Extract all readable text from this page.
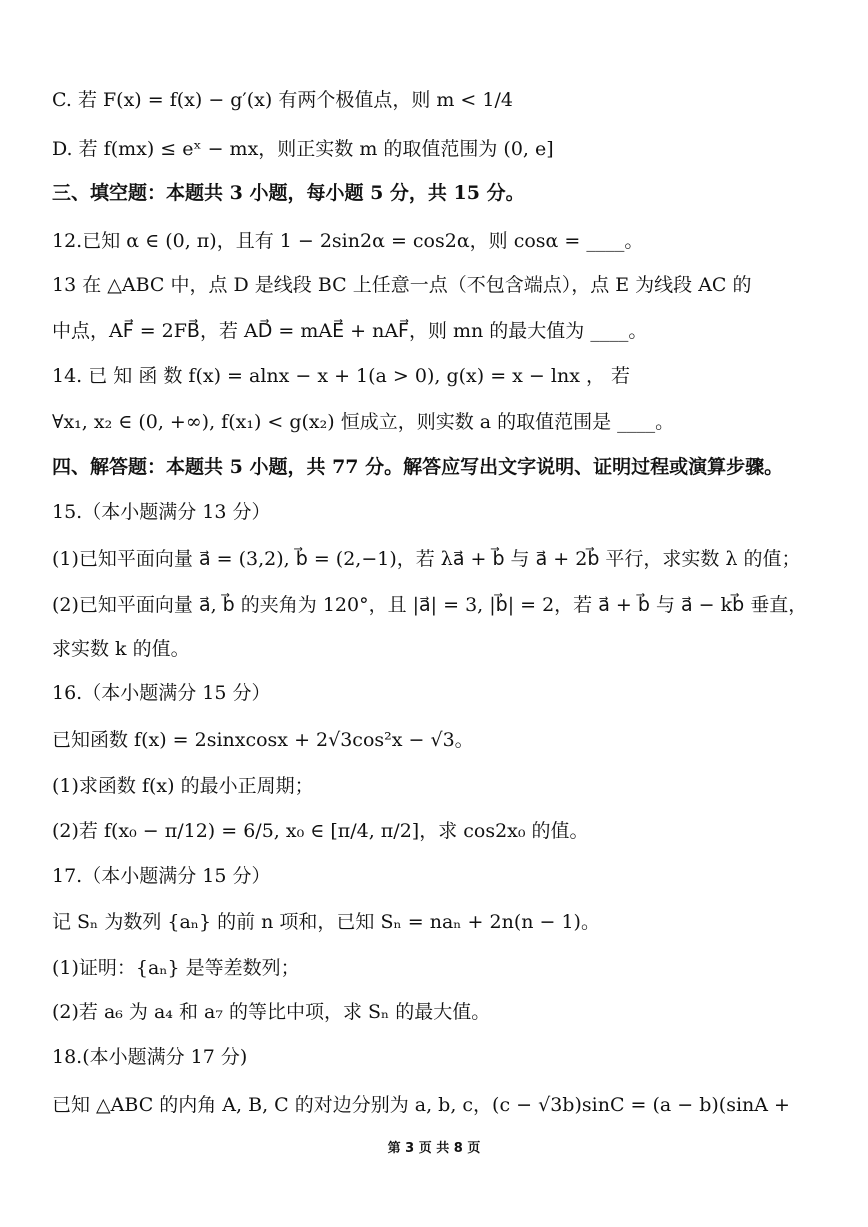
C. 若 F(x) = f(x) − g′(x) 有两个极值点，则 m < 1/4
D. 若 f(mx) ≤ eˣ − mx，则正实数 m 的取值范围为 (0, e]
三、填空题：本题共 3 小题，每小题 5 分，共 15 分。
12.已知 α ∈ (0, π)，且有 1 − 2sin2α = cos2α，则 cosα = ____。
13 在 △ABC 中，点 D 是线段 BC 上任意一点（不包含端点），点 E 为线段 AC 的
中点，AF⃗ = 2FB⃗，若 AD⃗ = mAE⃗ + nAF⃗，则 mn 的最大值为 ____。
14. 已 知 函 数 f(x) = alnx − x + 1(a > 0), g(x) = x − lnx ， 若
∀x₁, x₂ ∈ (0, +∞), f(x₁) < g(x₂) 恒成立，则实数 a 的取值范围是 ____。
四、解答题：本题共 5 小题，共 77 分。解答应写出文字说明、证明过程或演算步骤。
15.（本小题满分 13 分）
(1)已知平面向量 a⃗ = (3,2), b⃗ = (2,−1)，若 λa⃗ + b⃗ 与 a⃗ + 2b⃗ 平行，求实数 λ 的值；
(2)已知平面向量 a⃗, b⃗ 的夹角为 120°，且 |a⃗| = 3, |b⃗| = 2，若 a⃗ + b⃗ 与 a⃗ − kb⃗ 垂直，
求实数 k 的值。
16.（本小题满分 15 分）
已知函数 f(x) = 2sinxcosx + 2√3cos²x − √3。
(1)求函数 f(x) 的最小正周期；
(2)若 f(x₀ − π/12) = 6/5, x₀ ∈ [π/4, π/2]，求 cos2x₀ 的值。
17.（本小题满分 15 分）
记 Sₙ 为数列 {aₙ} 的前 n 项和，已知 Sₙ = naₙ + 2n(n − 1)。
(1)证明：{aₙ} 是等差数列；
(2)若 a₆ 为 a₄ 和 a₇ 的等比中项，求 Sₙ 的最大值。
18.(本小题满分 17 分)
已知 △ABC 的内角 A, B, C 的对边分别为 a, b, c，(c − √3b)sinC = (a − b)(sinA +
第 3 页 共 8 页
